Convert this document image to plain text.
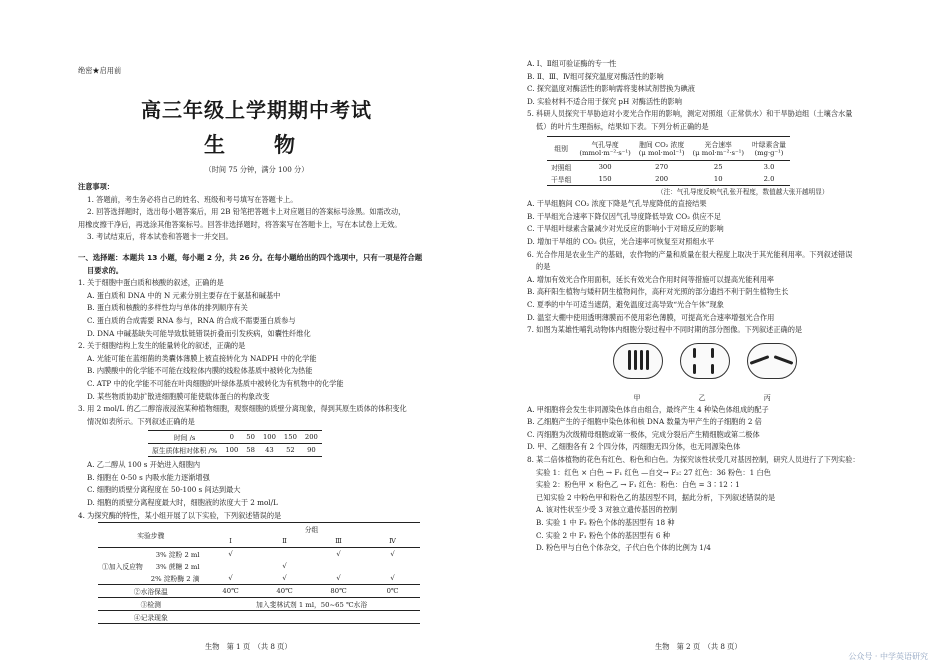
绝密★启用前

高三年级上学期期中考试

生　物

（时间 75 分钟，满分 100 分）

注意事项：

1. 答题前，考生务必将自己的姓名、班级和考号填写在答题卡上。

2. 回答选择题时，选出每小题答案后，用 2B 铅笔把答题卡上对应题目的答案标号涂黑。如需改动，

用橡皮擦干净后，再选涂其他答案标号。回答非选择题时，将答案写在答题卡上，写在本试卷上无效。

3. 考试结束后，将本试卷和答题卡一并交回。

一、选择题：本题共 13 小题，每小题 2 分，共 26 分。在每小题给出的四个选项中，只有一项是符合题

目要求的。

1. 关于细胞中蛋白质和核酸的叙述，正确的是

A. 蛋白质和 DNA 中的 N 元素分别主要存在于氨基和碱基中

B. 蛋白质和核酸的多样性均与单体的排列顺序有关

C. 蛋白质的合成需要 RNA 参与，RNA 的合成不需要蛋白质参与

D. DNA 中碱基缺失可能导致肽链错误折叠而引发疾病，如囊性纤维化

2. 关于细胞结构上发生的能量转化的叙述，正确的是

A. 光能可能在蓝细菌的类囊体薄膜上被直接转化为 NADPH 中的化学能

B. 内膜酸中的化学能不可能在线粒体内膜的线粒体基质中被转化为热能

C. ATP 中的化学能不可能在叶肉细胞的叶绿体基质中被转化为有机物中的化学能

D. 某些物质协助扩散进细胞膜可能使载体蛋白的构象改变

3. 用 2 mol/L 的乙二醇溶液浸泡某种植物细胞，观察细胞的质壁分离现象，得到其原生质体的体积变化

情况如表所示。下列叙述正确的是

时间 /s	0	50	100	150	200
原生质体相对体积 /%	100	58	43	52	90

A. 乙二醇从 100 s 开始进入细胞内

B. 细胞在 0-50 s 内吸水能力逐渐增强

C. 细胞的质壁分离程度在 50-100 s 间达到最大

D. 细胞的质壁分离程度最大时，细胞液的浓度大于 2 mol/L

4. 为探究酶的特性，某小组开展了以下实验，下列叙述错误的是

实验步骤		分组			
		Ⅰ	Ⅱ	Ⅲ	Ⅳ
①加入反应物	3% 淀粉 2 ml	√		√	√
	3% 蔗糖 2 ml		√		
	2% 淀粉酶 2 滴	√	√	√	√
②水浴保温		40℃	40℃	80℃	0℃
③检测		加入斐林试剂 1 ml，50~65 ℃水浴			
④记录现象					

生物　第 1 页　（共 8 页）

A. Ⅰ、Ⅱ组可验证酶的专一性

B. Ⅱ、Ⅲ、Ⅳ组可探究温度对酶活性的影响

C. 探究温度对酶活性的影响需将斐林试剂替换为碘液

D. 实验材料不适合用于探究 pH 对酶活性的影响

5. 科研人员探究干旱胁迫对小麦光合作用的影响，测定对照组（正常供水）和干旱胁迫组（土壤含水量

低）的叶片生理指标，结果如下表。下列分析正确的是

组别	气孔导度
(mmol·m⁻²·s⁻¹)	胞间 CO₂ 浓度
(μ mol·mol⁻¹)	光合速率
(μ mol·m⁻²·s⁻¹)	叶绿素含量
(mg·g⁻¹)
对照组	300	270	25	3.0
干旱组	150	200	10	2.0

（注：气孔导度反映气孔张开程度，数值越大张开越明显）

A. 干旱组胞间 CO₂ 浓度下降是气孔导度降低的直接结果

B. 干旱组光合速率下降仅因气孔导度降低导致 CO₂ 供应不足

C. 干旱组叶绿素含量减少对光反应的影响小于对暗反应的影响

D. 增加干旱组的 CO₂ 供应，光合速率可恢复至对照组水平

6. 光合作用是农业生产的基础，农作物的产量和质量在很大程度上取决于其光能利用率。下列叙述错误

的是

A. 增加有效光合作用面积，延长有效光合作用时间等措施可以提高光能利用率

B. 高秆阳生植物与矮秆阴生植物间作，高秆对光照的部分遗挡不利于阴生植物生长

C. 夏季的中午可适当遮荫，避免温度过高导致“光合午休”现象

D. 温室大棚中使用透明薄膜而不使用彩色薄膜，可提高光合速率增强光合作用

7. 如图为某雄性哺乳动物体内细胞分裂过程中不同时期的部分图像。下列叙述正确的是

甲	乙	丙

A. 甲细胞将会发生非同源染色体自由组合，最终产生 4 种染色体组成的配子

B. 乙细胞产生的子细胞中染色体和核 DNA 数量为甲产生的子细胞的 2 倍

C. 丙细胞为次级精母细胞或第一极体，完成分裂后产生精细胞或第二极体

D. 甲、乙细胞各有 2 个四分体，丙细胞无四分体，也无同源染色体

8. 某二倍体植物的花色有红色、粉色和白色。为探究该性状受几对基因控制，研究人员进行了下列实验：

实验 1：红色 × 白色 → F₁ 红色 —自交→ F₂: 27 红色：36 粉色：1 白色

实验 2：粉色甲 × 粉色乙 → F₁ 红色：粉色：白色 = 3∶12∶1

已知实验 2 中粉色甲和粉色乙的基因型不同，据此分析，下列叙述错误的是

A. 该对性状至少受 3 对独立遗传基因的控制

B. 实验 1 中 F₂ 粉色个体的基因型有 18 种

C. 实验 2 中 F₁ 粉色个体的基因型有 6 种

D. 粉色甲与白色个体杂交，子代白色个体的比例为 1/4

生物　第 2 页　（共 8 页）

公众号 · 中学英语研究
